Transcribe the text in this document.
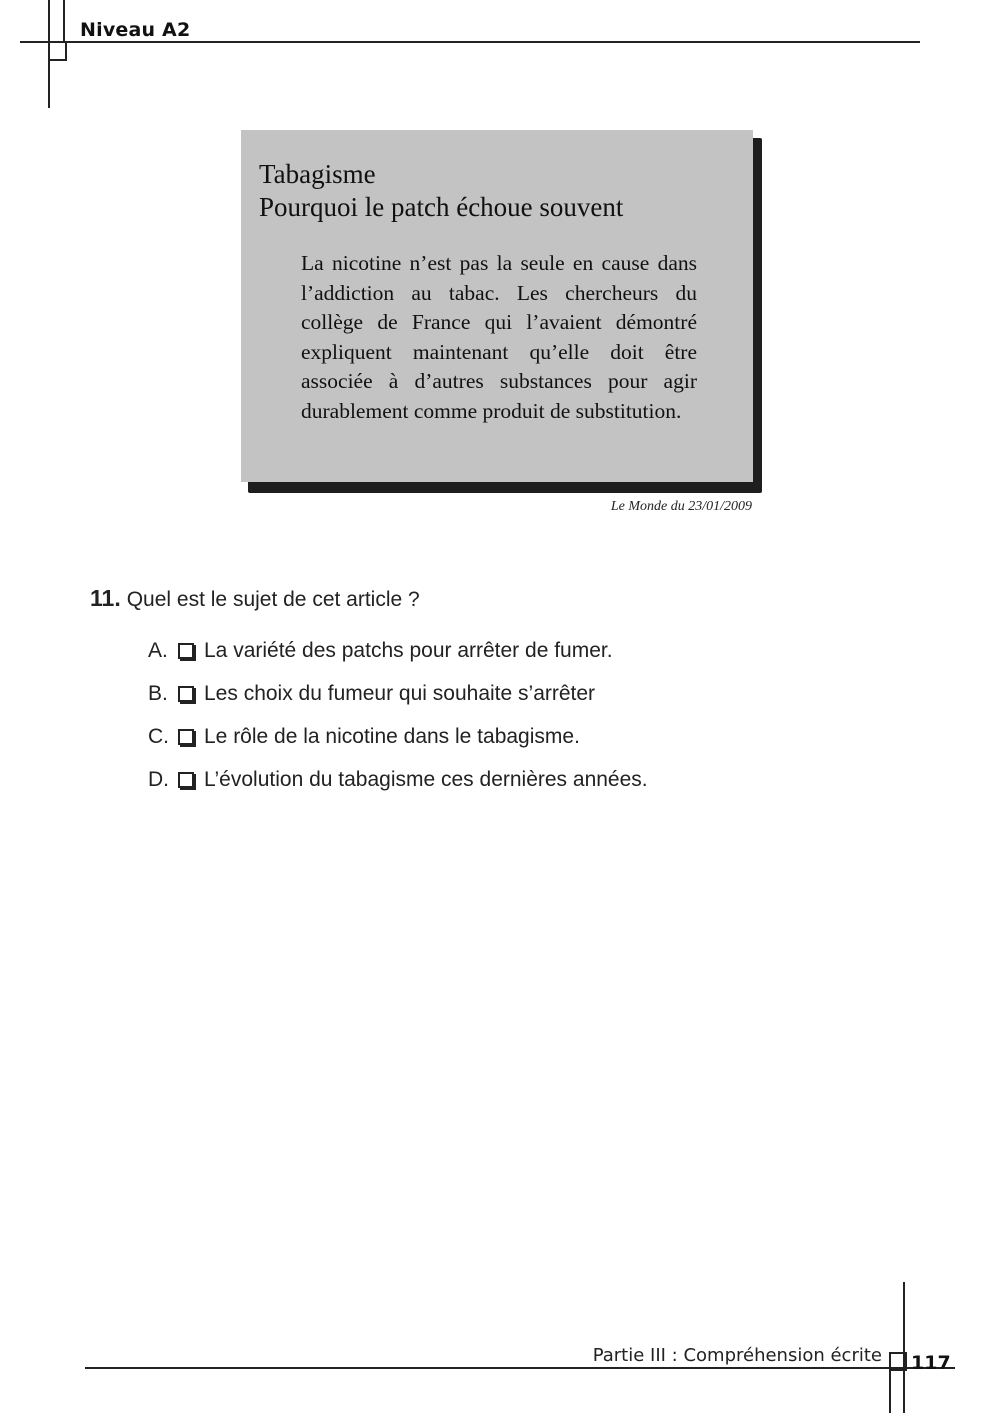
Niveau A2
Tabagisme
Pourquoi le patch échoue souvent
La nicotine n’est pas la seule en cause dans l’addiction au tabac. Les chercheurs du collège de France qui l’avaient démontré expliquent maintenant qu’elle doit être associée à d’autres substances pour agir durablement comme produit de substitution.
Le Monde du 23/01/2009
11. Quel est le sujet de cet article ?
A.	La variété des patchs pour arrêter de fumer.
B.	Les choix du fumeur qui souhaite s’arrêter
C.	Le rôle de la nicotine dans le tabagisme.
D.	L’évolution du tabagisme ces dernières années.
Partie III : Compréhension écrite 117
